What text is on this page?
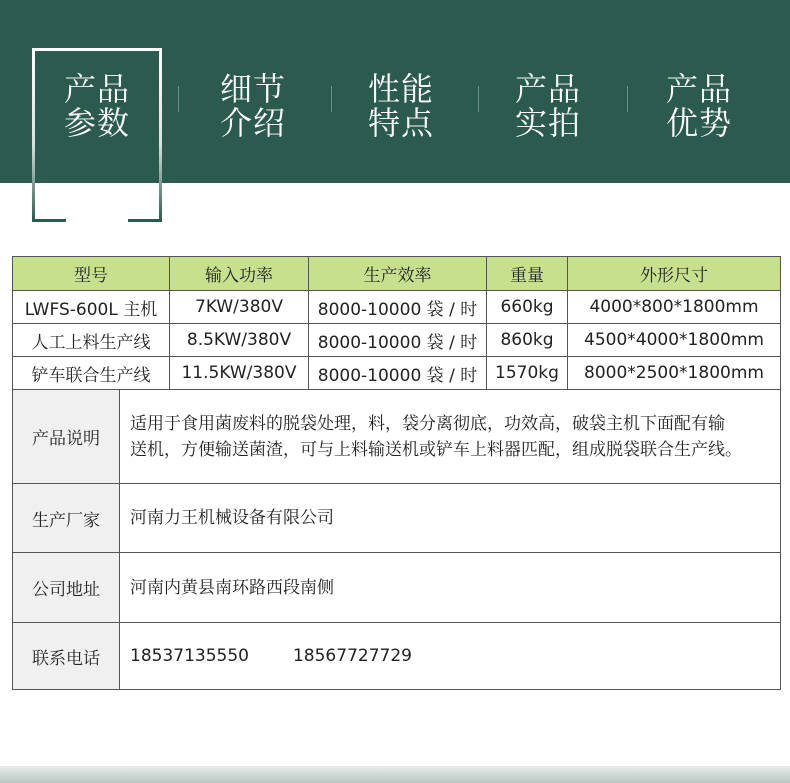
产品
参数
细节
介绍
性能
特点
产品
实拍
产品
优势
型号	输入功率	生产效率	重量	外形尺寸
LWFS-600L 主机	7KW/380V	8000-10000 袋 / 时	660kg	4000*800*1800mm
人工上料生产线	8.5KW/380V	8000-10000 袋 / 时	860kg	4500*4000*1800mm
铲车联合生产线	11.5KW/380V	8000-10000 袋 / 时	1570kg	8000*2500*1800mm
产品说明	适用于食用菌废料的脱袋处理，料，袋分离彻底，功效高，破袋主机下面配有输
送机，方便输送菌渣，可与上料输送机或铲车上料器匹配，组成脱袋联合生产线。

生产厂家	河南力王机械设备有限公司
公司地址	河南内黄县南环路西段南侧
联系电话	18537135550 18567727729
